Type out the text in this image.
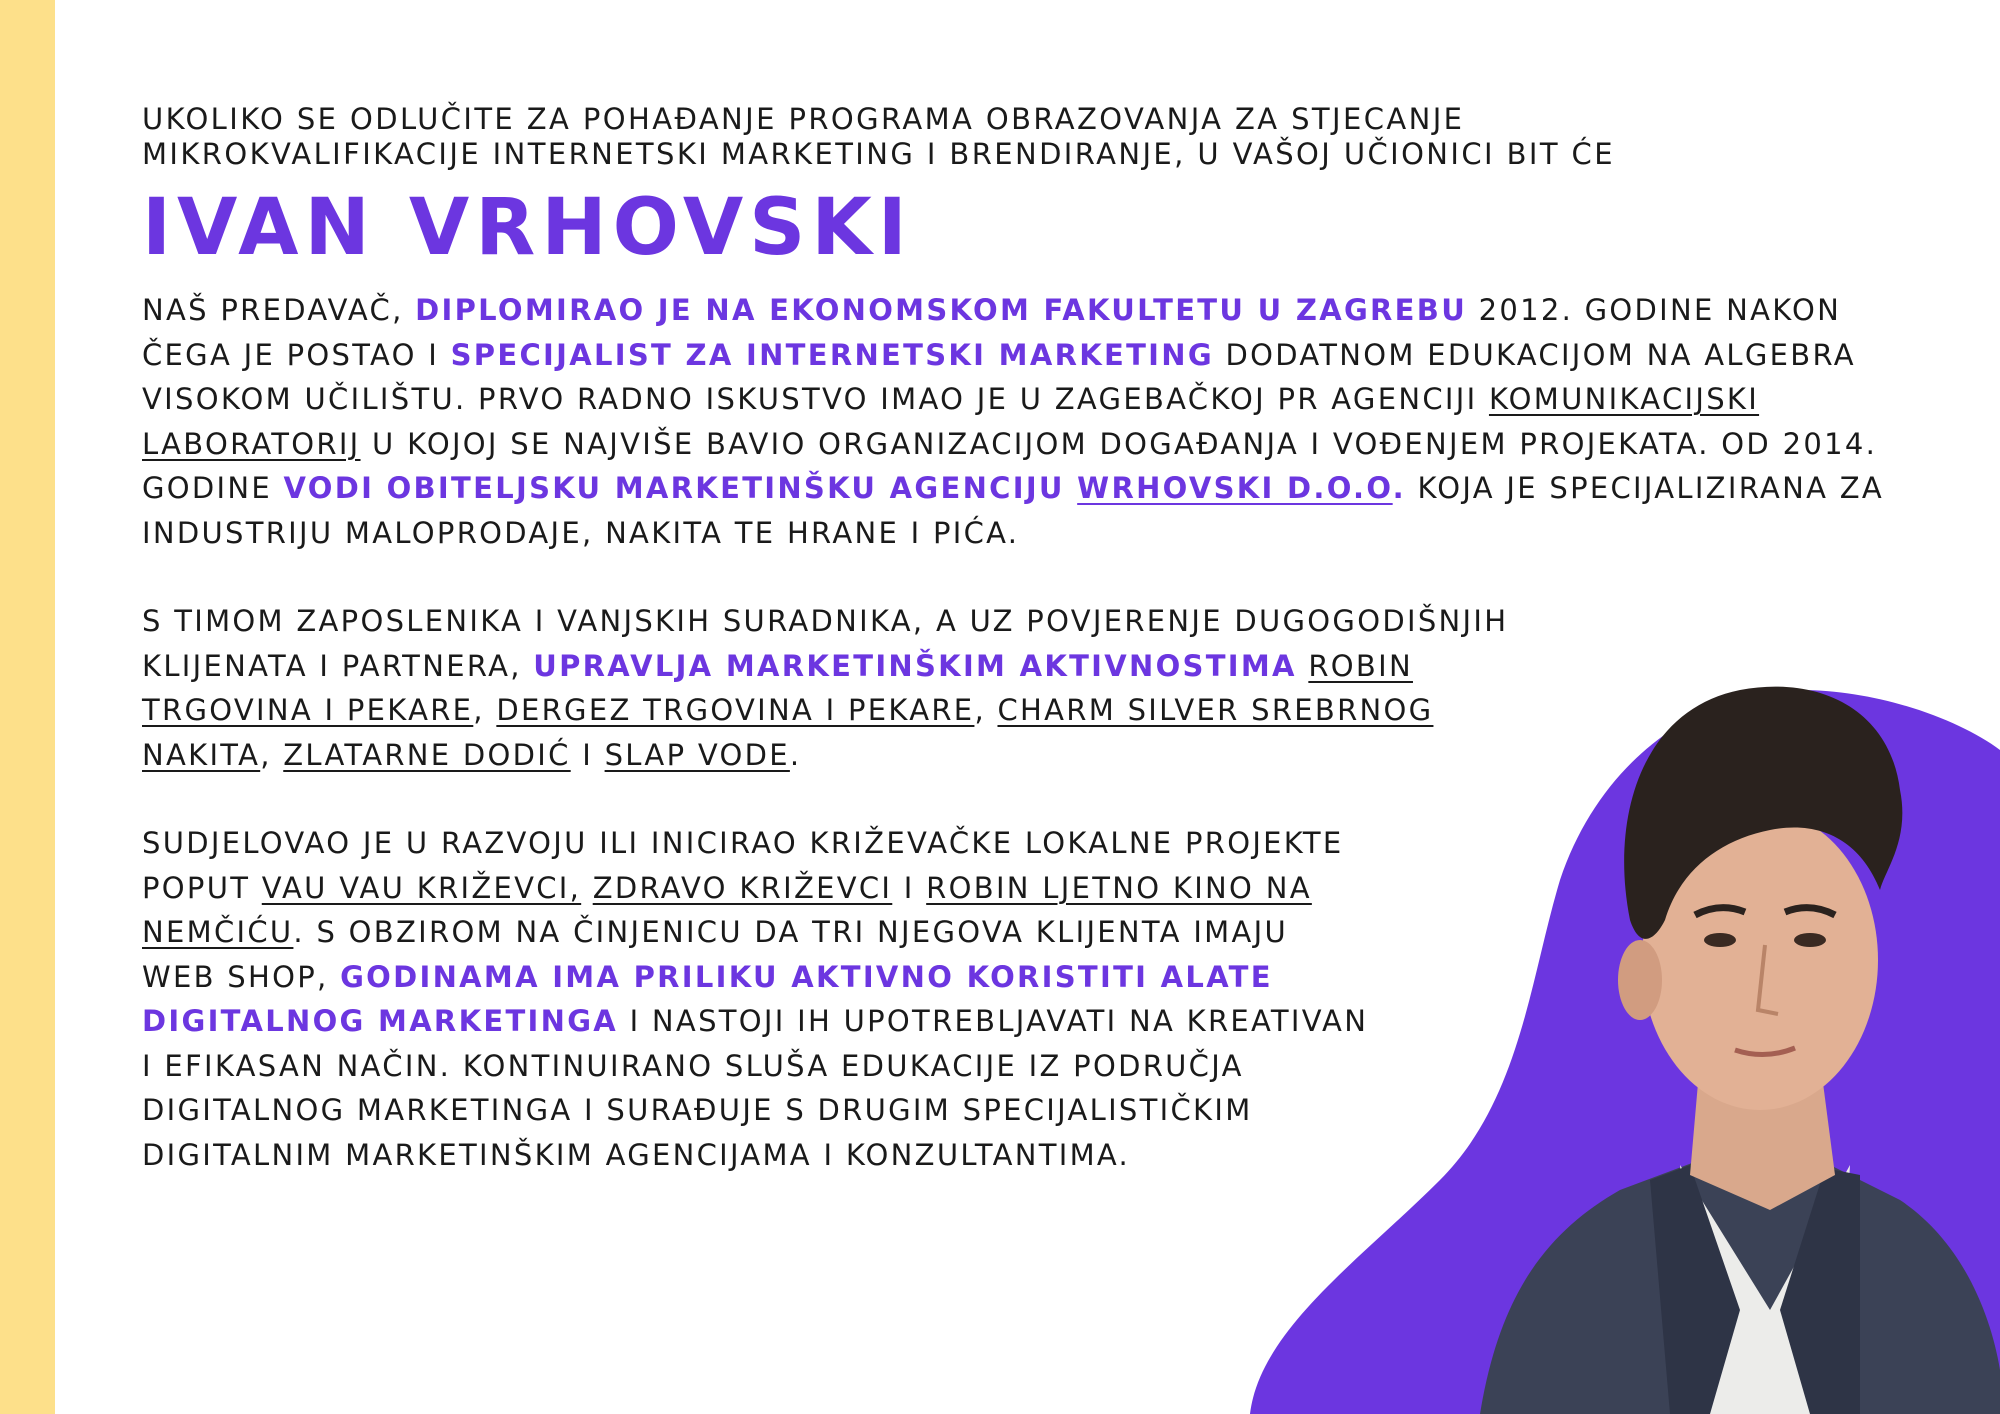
UKOLIKO SE ODLUČITE ZA POHAĐANJE PROGRAMA OBRAZOVANJA ZA STJECANJE
MIKROKVALIFIKACIJE INTERNETSKI MARKETING I BRENDIRANJE, U VAŠOJ UČIONICI BIT ĆE

IVAN VRHOVSKI

NAŠ PREDAVAČ, DIPLOMIRAO JE NA EKONOMSKOM FAKULTETU U ZAGREBU 2012. GODINE NAKON ČEGA JE POSTAO I SPECIJALIST ZA INTERNETSKI MARKETING DODATNOM EDUKACIJOM NA ALGEBRA VISOKOM UČILIŠTU. PRVO RADNO ISKUSTVO IMAO JE U ZAGEBAČKOJ PR AGENCIJI KOMUNIKACIJSKI LABORATORIJ U KOJOJ SE NAJVIŠE BAVIO ORGANIZACIJOM DOGAĐANJA I VOĐENJEM PROJEKATA. OD 2014. GODINE VODI OBITELJSKU MARKETINŠKU AGENCIJU WRHOVSKI D.O.O. KOJA JE SPECIJALIZIRANA ZA INDUSTRIJU MALOPRODAJE, NAKITA TE HRANE I PIĆA.

S TIMOM ZAPOSLENIKA I VANJSKIH SURADNIKA, A UZ POVJERENJE DUGOGODIŠNJIH KLIJENATA I PARTNERA, UPRAVLJA MARKETINŠKIM AKTIVNOSTIMA ROBIN TRGOVINA I PEKARE, DERGEZ TRGOVINA I PEKARE, CHARM SILVER SREBRNOG NAKITA, ZLATARNE DODIĆ I SLAP VODE.

SUDJELOVAO JE U RAZVOJU ILI INICIRAO KRIŽEVAČKE LOKALNE PROJEKTE POPUT VAU VAU KRIŽEVCI, ZDRAVO KRIŽEVCI I ROBIN LJETNO KINO NA NEMČIĆU. S OBZIROM NA ČINJENICU DA TRI NJEGOVA KLIJENTA IMAJU WEB SHOP, GODINAMA IMA PRILIKU AKTIVNO KORISTITI ALATE DIGITALNOG MARKETINGA I NASTOJI IH UPOTREBLJAVATI NA KREATIVAN I EFIKASAN NAČIN. KONTINUIRANO SLUŠA EDUKACIJE IZ PODRUČJA DIGITALNOG MARKETINGA I SURAĐUJE S DRUGIM SPECIJALISTIČKIM DIGITALNIM MARKETINŠKIM AGENCIJAMA I KONZULTANTIMA.
